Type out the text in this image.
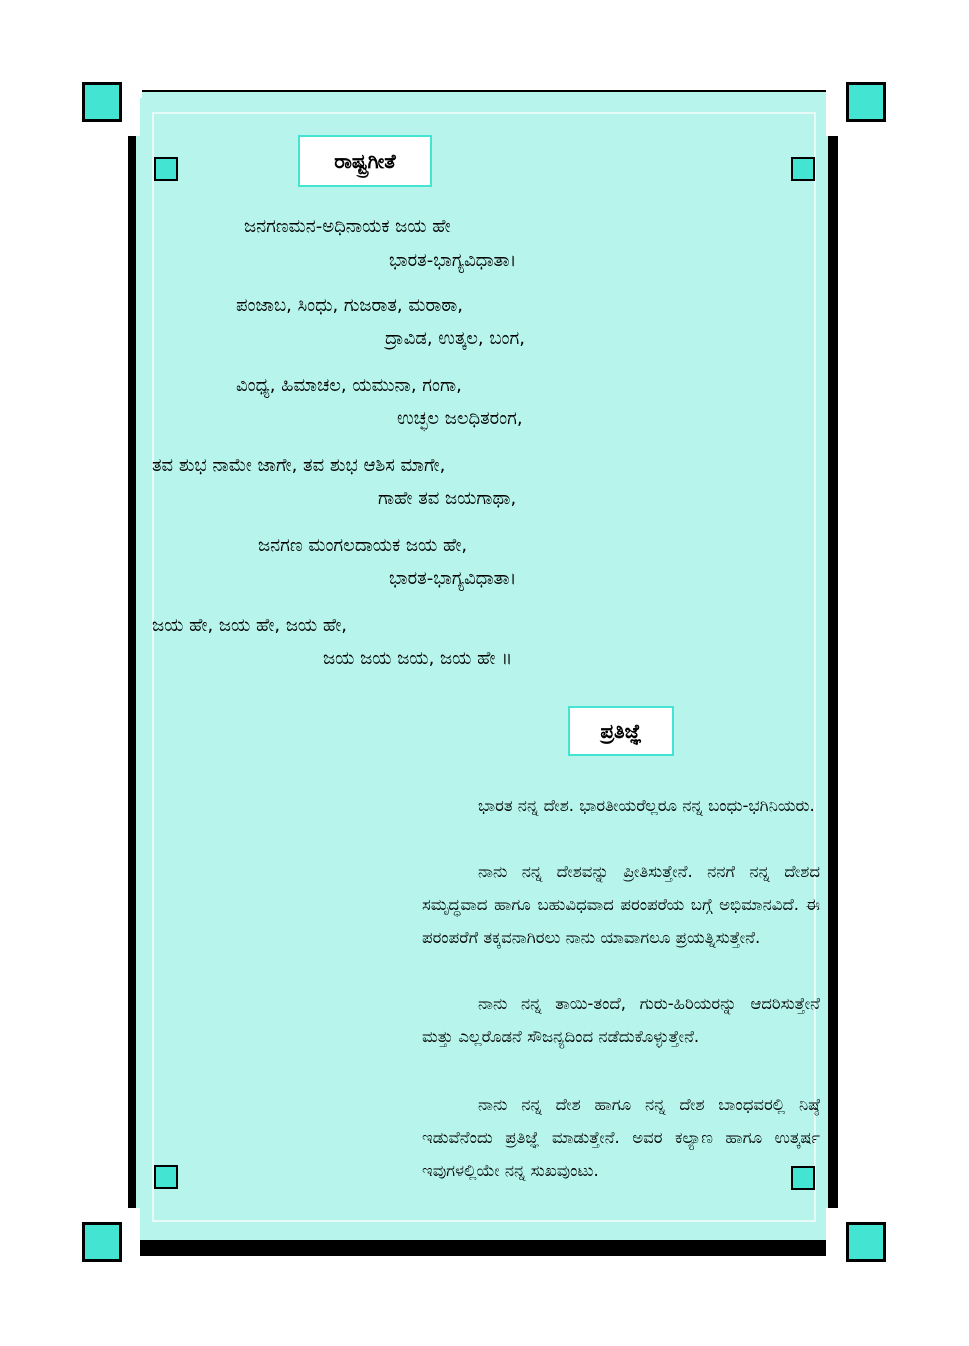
ರಾಷ್ಟ್ರಗೀತೆ
ಜನಗಣಮನ-ಅಧಿನಾಯಕ ಜಯ ಹೇ
ಭಾರತ-ಭಾಗ್ಯವಿಧಾತಾ।
ಪಂಜಾಬ, ಸಿಂಧು, ಗುಜರಾತ, ಮರಾಠಾ,
ದ್ರಾವಿಡ, ಉತ್ಕಲ, ಬಂಗ,
ವಿಂಧ್ಯ, ಹಿಮಾಚಲ, ಯಮುನಾ, ಗಂಗಾ,
ಉಚ್ಛಲ ಜಲಧಿತರಂಗ,
ತವ ಶುಭ ನಾಮೇ ಜಾಗೇ, ತವ ಶುಭ ಆಶಿಸ ಮಾಗೇ,
ಗಾಹೇ ತವ ಜಯಗಾಥಾ,
ಜನಗಣ ಮಂಗಲದಾಯಕ ಜಯ ಹೇ,
ಭಾರತ-ಭಾಗ್ಯವಿಧಾತಾ।
ಜಯ ಹೇ, ಜಯ ಹೇ, ಜಯ ಹೇ,
ಜಯ ಜಯ ಜಯ, ಜಯ ಹೇ ॥
ಪ್ರತಿಜ್ಞೆ

ಭಾರತ ನನ್ನ ದೇಶ. ಭಾರತೀಯರೆಲ್ಲರೂ ನನ್ನ ಬಂಧು-ಭಗಿನಿಯರು.

ನಾನು ನನ್ನ ದೇಶವನ್ನು ಪ್ರೀತಿಸುತ್ತೇನೆ. ನನಗೆ ನನ್ನ ದೇಶದ ಸಮೃದ್ಧವಾದ ಹಾಗೂ ಬಹುವಿಧವಾದ ಪರಂಪರೆಯ ಬಗ್ಗೆ ಅಭಿಮಾನವಿದೆ. ಈ ಪರಂಪರೆಗೆ ತಕ್ಕವನಾಗಿರಲು ನಾನು ಯಾವಾಗಲೂ ಪ್ರಯತ್ನಿಸುತ್ತೇನೆ.

ನಾನು ನನ್ನ ತಾಯಿ-ತಂದೆ, ಗುರು-ಹಿರಿಯರನ್ನು ಆದರಿಸುತ್ತೇನೆ ಮತ್ತು ಎಲ್ಲರೊಡನೆ ಸೌಜನ್ಯದಿಂದ ನಡೆದುಕೊಳ್ಳುತ್ತೇನೆ.

ನಾನು ನನ್ನ ದೇಶ ಹಾಗೂ ನನ್ನ ದೇಶ ಬಾಂಧವರಲ್ಲಿ ನಿಷ್ಠೆ ಇಡುವೆನೆಂದು ಪ್ರತಿಜ್ಞೆ ಮಾಡುತ್ತೇನೆ. ಅವರ ಕಲ್ಯಾಣ ಹಾಗೂ ಉತ್ಕರ್ಷ ಇವುಗಳಲ್ಲಿಯೇ ನನ್ನ ಸುಖವುಂಟು.
